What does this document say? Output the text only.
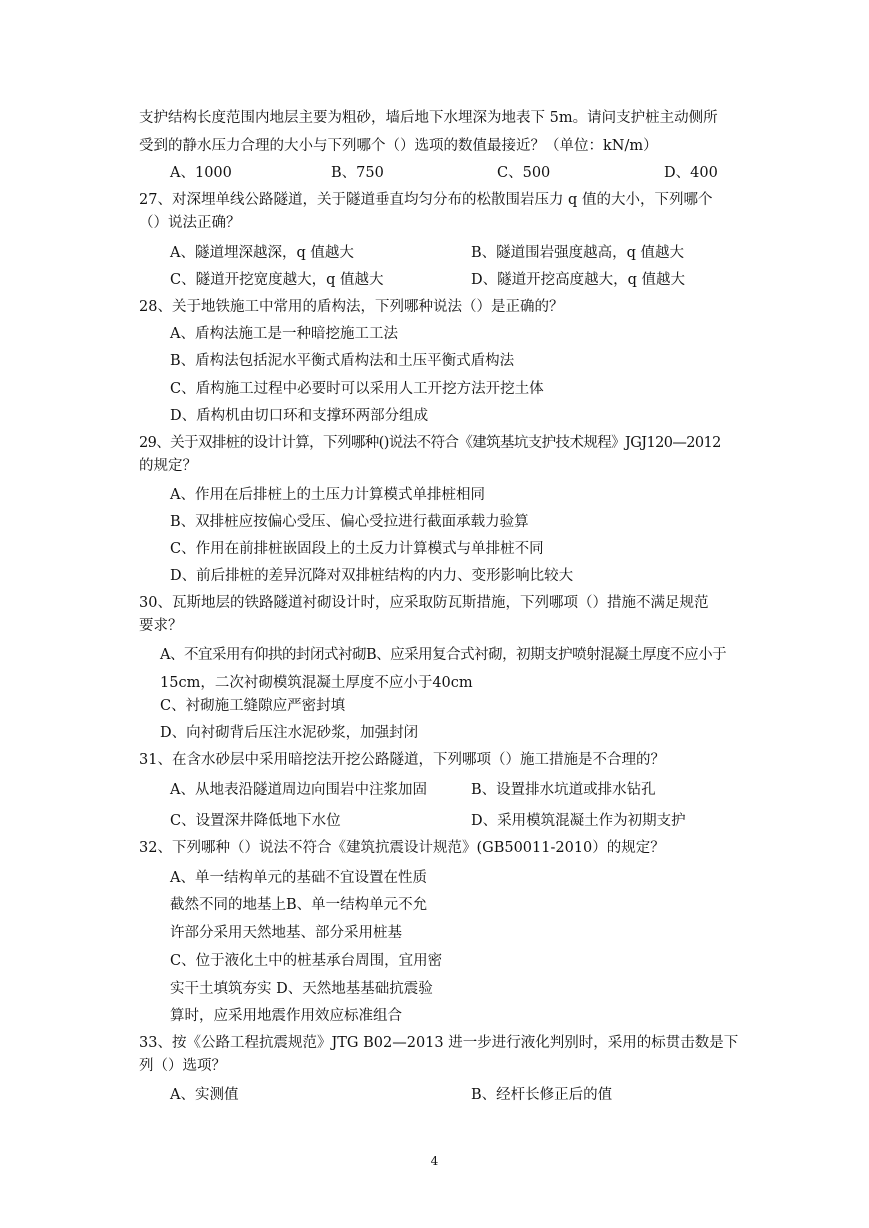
支护结构长度范围内地层主要为粗砂，墙后地下水埋深为地表下 5m。请问支护桩主动侧所
受到的静水压力合理的大小与下列哪个（）选项的数值最接近？（单位：kN/m）
A、1000	B、750	C、500	D、400
27、对深埋单线公路隧道，关于隧道垂直均匀分布的松散围岩压力 q 值的大小，下列哪个
（）说法正确？
A、隧道埋深越深，q 值越大	B、隧道围岩强度越高，q 值越大
C、隧道开挖宽度越大，q 值越大	D、隧道开挖高度越大，q 值越大
28、关于地铁施工中常用的盾构法，下列哪种说法（）是正确的？
A、盾构法施工是一种暗挖施工工法
B、盾构法包括泥水平衡式盾构法和土压平衡式盾构法
C、盾构施工过程中必要时可以采用人工开挖方法开挖土体
D、盾构机由切口环和支撑环两部分组成
29、关于双排桩的设计计算，下列哪种()说法不符合《建筑基坑支护技术规程》JGJ120—2012
的规定？
A、作用在后排桩上的土压力计算模式单排桩相同
B、双排桩应按偏心受压、偏心受拉进行截面承载力验算
C、作用在前排桩嵌固段上的土反力计算模式与单排桩不同
D、前后排桩的差异沉降对双排桩结构的内力、变形影响比较大
30、瓦斯地层的铁路隧道衬砌设计时，应采取防瓦斯措施，下列哪项（）措施不满足规范
要求？
A、不宜采用有仰拱的封闭式衬砌B、应采用复合式衬砌，初期支护喷射混凝土厚度不应小于
15cm，二次衬砌模筑混凝土厚度不应小于40cm
C、衬砌施工缝隙应严密封填
D、向衬砌背后压注水泥砂浆，加强封闭
31、在含水砂层中采用暗挖法开挖公路隧道，下列哪项（）施工措施是不合理的？
A、从地表沿隧道周边向围岩中注浆加固	B、设置排水坑道或排水钻孔
C、设置深井降低地下水位	D、采用模筑混凝土作为初期支护
32、下列哪种（）说法不符合《建筑抗震设计规范》(GB50011-2010）的规定？
A、单一结构单元的基础不宜设置在性质
截然不同的地基上B、单一结构单元不允
许部分采用天然地基、部分采用桩基
C、位于液化土中的桩基承台周围，宜用密
实干土填筑夯实 D、天然地基基础抗震验
算时，应采用地震作用效应标准组合
33、按《公路工程抗震规范》JTG B02—2013 进一步进行液化判别时，采用的标贯击数是下
列（）选项？
A、实测值	B、经杆长修正后的值
4
